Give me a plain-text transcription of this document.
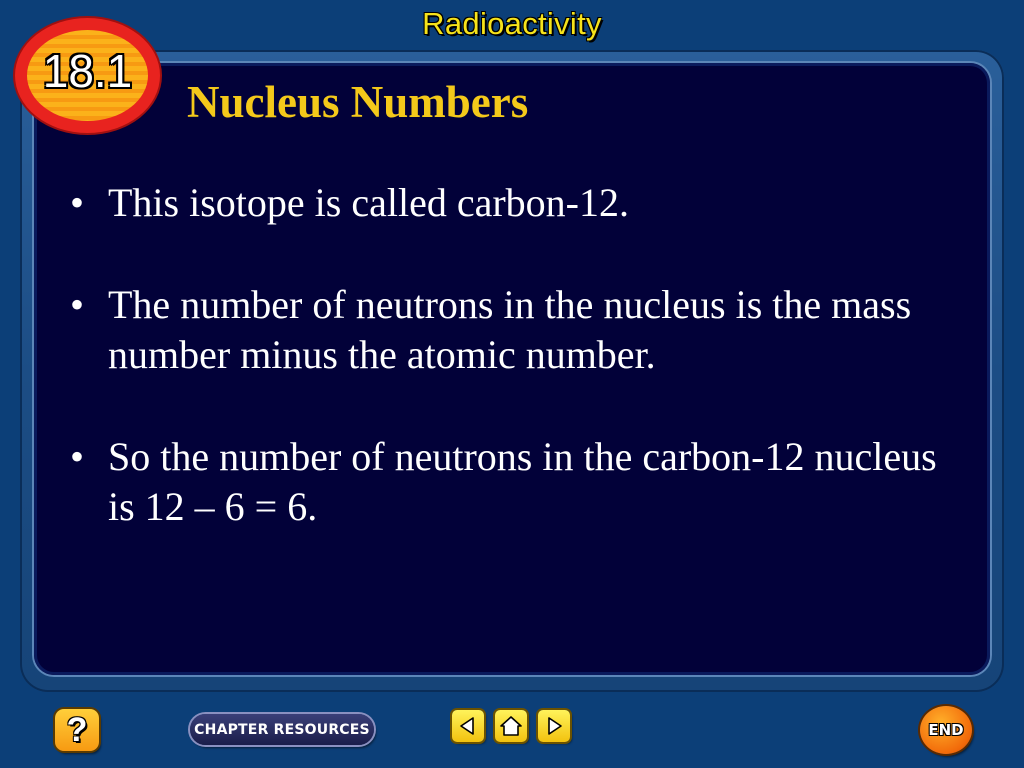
Radioactivity
18.1
Nucleus Numbers
• This isotope is called carbon-12.
• The number of neutrons in the nucleus is the mass number minus the atomic number.
• So the number of neutrons in the carbon-12 nucleus is 12 – 6 = 6.
?	CHAPTER RESOURCES	END
